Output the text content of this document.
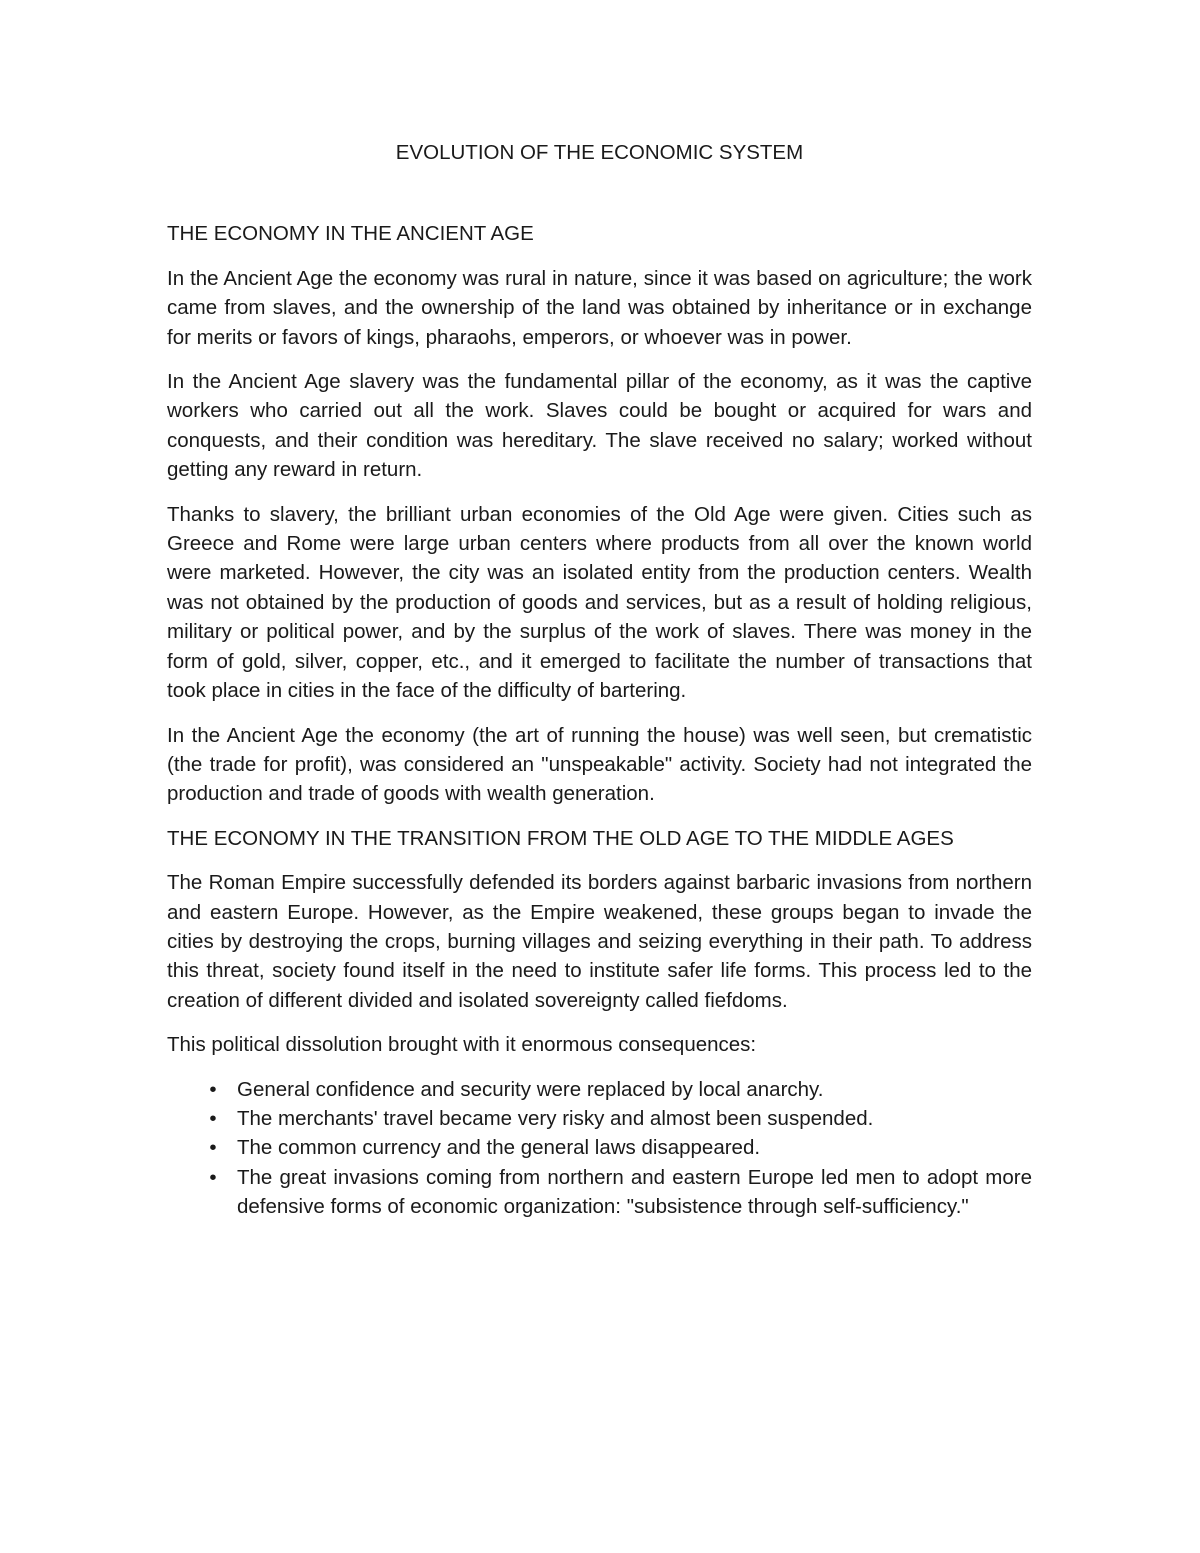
EVOLUTION OF THE ECONOMIC SYSTEM
THE ECONOMY IN THE ANCIENT AGE

In the Ancient Age the economy was rural in nature, since it was based on agriculture; the work came from slaves, and the ownership of the land was obtained by inheritance or in exchange for merits or favors of kings, pharaohs, emperors, or whoever was in power.

In the Ancient Age slavery was the fundamental pillar of the economy, as it was the captive workers who carried out all the work. Slaves could be bought or acquired for wars and conquests, and their condition was hereditary. The slave received no salary; worked without getting any reward in return.

Thanks to slavery, the brilliant urban economies of the Old Age were given. Cities such as Greece and Rome were large urban centers where products from all over the known world were marketed. However, the city was an isolated entity from the production centers. Wealth was not obtained by the production of goods and services, but as a result of holding religious, military or political power, and by the surplus of the work of slaves. There was money in the form of gold, silver, copper, etc., and it emerged to facilitate the number of transactions that took place in cities in the face of the difficulty of bartering.

In the Ancient Age the economy (the art of running the house) was well seen, but crematistic (the trade for profit), was considered an "unspeakable" activity. Society had not integrated the production and trade of goods with wealth generation.

THE ECONOMY IN THE TRANSITION FROM THE OLD AGE TO THE MIDDLE AGES

The Roman Empire successfully defended its borders against barbaric invasions from northern and eastern Europe. However, as the Empire weakened, these groups began to invade the cities by destroying the crops, burning villages and seizing everything in their path. To address this threat, society found itself in the need to institute safer life forms. This process led to the creation of different divided and isolated sovereignty called fiefdoms.

This political dissolution brought with it enormous consequences:

• General confidence and security were replaced by local anarchy.
• The merchants' travel became very risky and almost been suspended.
• The common currency and the general laws disappeared.
• The great invasions coming from northern and eastern Europe led men to adopt more defensive forms of economic organization: "subsistence through self-sufficiency."
